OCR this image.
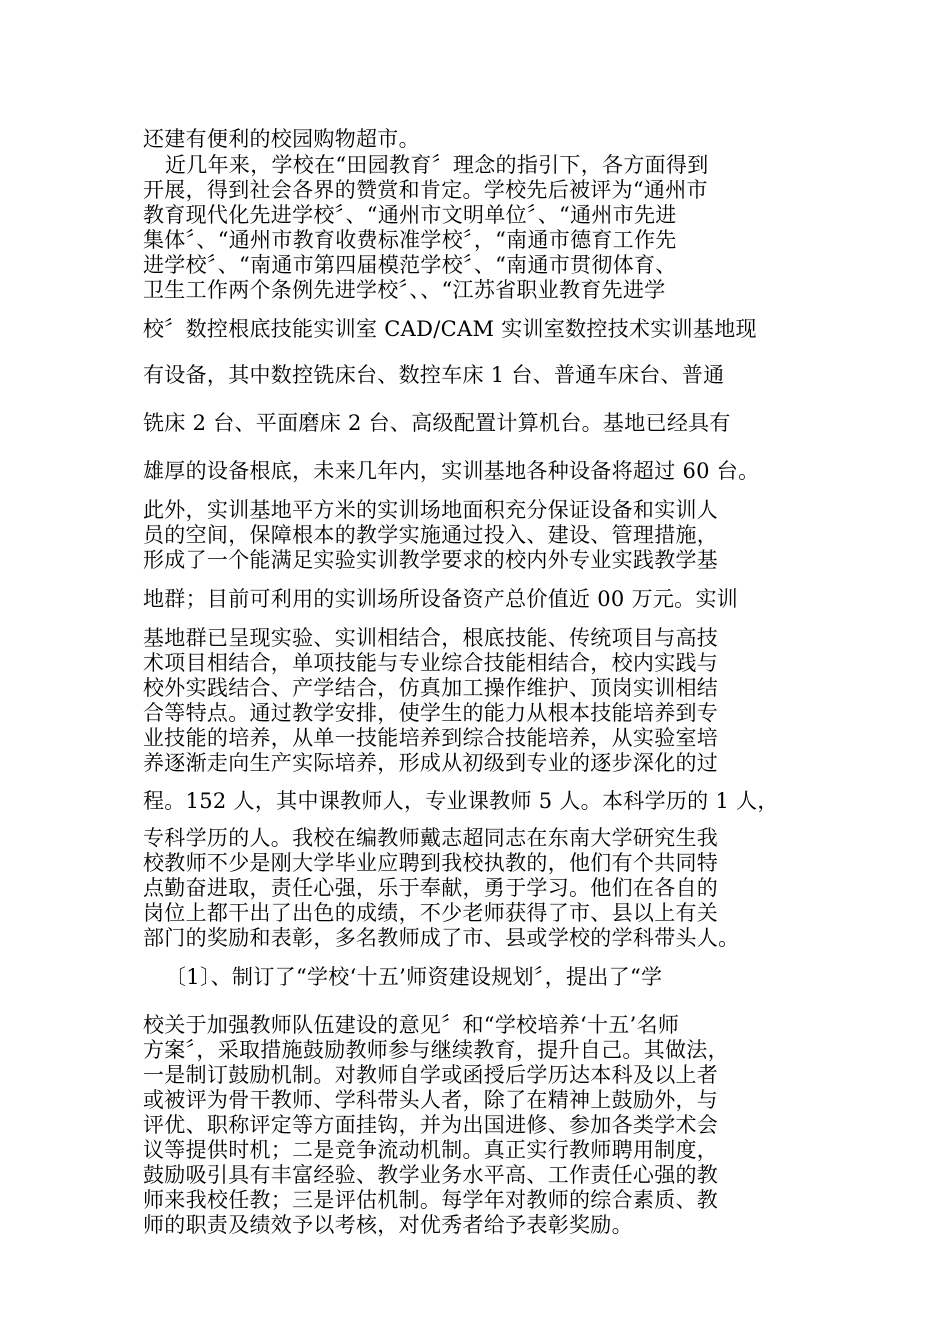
还建有便利的校园购物超市。
近几年来，学校在“田园教育〞理念的指引下，各方面得到
开展，得到社会各界的赞赏和肯定。学校先后被评为“通州市
教育现代化先进学校〞、“通州市文明单位〞、“通州市先进
集体〞、“通州市教育收费标准学校〞，“南通市德育工作先
进学校〞、“南通市第四届模范学校〞、“南通市贯彻体育、
卫生工作两个条例先进学校〞、、“江苏省职业教育先进学
校〞数控根底技能实训室 CAD/CAM 实训室数控技术实训基地现
有设备，其中数控铣床台、数控车床 1 台、普通车床台、普通
铣床 2 台、平面磨床 2 台、高级配置计算机台。基地已经具有
雄厚的设备根底，未来几年内，实训基地各种设备将超过 60 台。
此外，实训基地平方米的实训场地面积充分保证设备和实训人
员的空间，保障根本的教学实施通过投入、建设、管理措施，
形成了一个能满足实验实训教学要求的校内外专业实践教学基
地群；目前可利用的实训场所设备资产总价值近 00 万元。实训
基地群已呈现实验、实训相结合，根底技能、传统项目与高技
术项目相结合，单项技能与专业综合技能相结合，校内实践与
校外实践结合、产学结合，仿真加工操作维护、顶岗实训相结
合等特点。通过教学安排，使学生的能力从根本技能培养到专
业技能的培养，从单一技能培养到综合技能培养，从实验室培
养逐渐走向生产实际培养，形成从初级到专业的逐步深化的过
程。152 人，其中课教师人，专业课教师 5 人。本科学历的 1 人，
专科学历的人。我校在编教师戴志超同志在东南大学研究生我
校教师不少是刚大学毕业应聘到我校执教的，他们有个共同特
点勤奋进取，责任心强，乐于奉献，勇于学习。他们在各自的
岗位上都干出了出色的成绩，不少老师获得了市、县以上有关
部门的奖励和表彰，多名教师成了市、县或学校的学科带头人。
〔1〕、制订了“学校‘十五’师资建设规划〞，提出了“学
校关于加强教师队伍建设的意见〞和“学校培养‘十五’名师
方案〞，采取措施鼓励教师参与继续教育，提升自己。其做法，
一是制订鼓励机制。对教师自学或函授后学历达本科及以上者
或被评为骨干教师、学科带头人者，除了在精神上鼓励外，与
评优、职称评定等方面挂钩，并为出国进修、参加各类学术会
议等提供时机；二是竞争流动机制。真正实行教师聘用制度，
鼓励吸引具有丰富经验、教学业务水平高、工作责任心强的教
师来我校任教；三是评估机制。每学年对教师的综合素质、教
师的职责及绩效予以考核，对优秀者给予表彰奖励。
